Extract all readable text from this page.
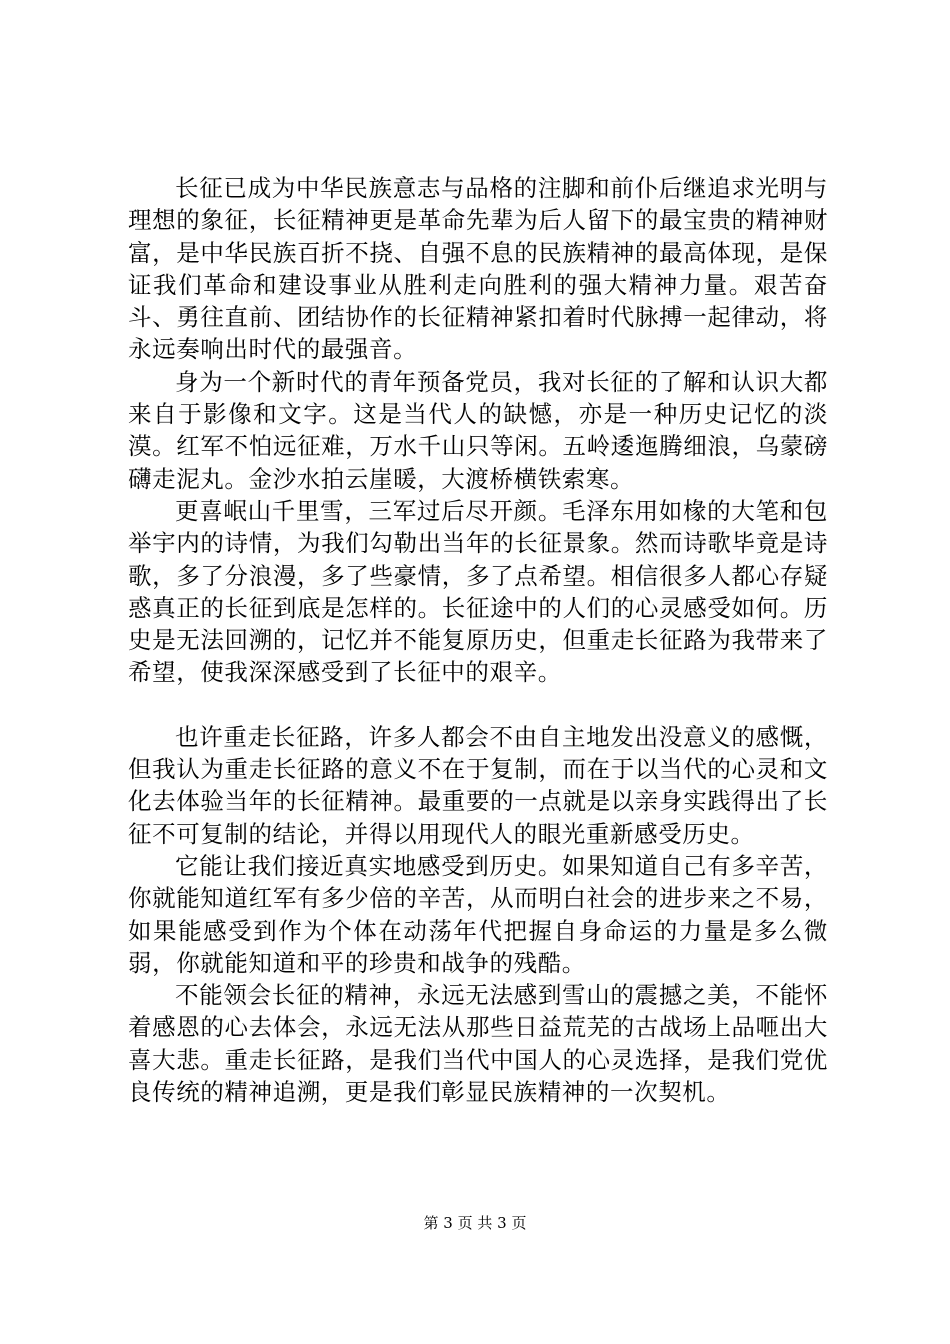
长征已成为中华民族意志与品格的注脚和前仆后继追求光明与理想的象征，长征精神更是革命先辈为后人留下的最宝贵的精神财富，是中华民族百折不挠、自强不息的民族精神的最高体现，是保证我们革命和建设事业从胜利走向胜利的强大精神力量。艰苦奋斗、勇往直前、团结协作的长征精神紧扣着时代脉搏一起律动，将永远奏响出时代的最强音。

身为一个新时代的青年预备党员，我对长征的了解和认识大都来自于影像和文字。这是当代人的缺憾，亦是一种历史记忆的淡漠。红军不怕远征难，万水千山只等闲。五岭逶迤腾细浪，乌蒙磅礴走泥丸。金沙水拍云崖暖，大渡桥横铁索寒。

更喜岷山千里雪，三军过后尽开颜。毛泽东用如椽的大笔和包举宇内的诗情，为我们勾勒出当年的长征景象。然而诗歌毕竟是诗歌，多了分浪漫，多了些豪情，多了点希望。相信很多人都心存疑惑真正的长征到底是怎样的。长征途中的人们的心灵感受如何。历史是无法回溯的，记忆并不能复原历史，但重走长征路为我带来了希望，使我深深感受到了长征中的艰辛。

也许重走长征路，许多人都会不由自主地发出没意义的感慨，但我认为重走长征路的意义不在于复制，而在于以当代的心灵和文化去体验当年的长征精神。最重要的一点就是以亲身实践得出了长征不可复制的结论，并得以用现代人的眼光重新感受历史。

它能让我们接近真实地感受到历史。如果知道自己有多辛苦，你就能知道红军有多少倍的辛苦，从而明白社会的进步来之不易，如果能感受到作为个体在动荡年代把握自身命运的力量是多么微弱，你就能知道和平的珍贵和战争的残酷。

不能领会长征的精神，永远无法感到雪山的震撼之美，不能怀着感恩的心去体会，永远无法从那些日益荒芜的古战场上品咂出大喜大悲。重走长征路，是我们当代中国人的心灵选择，是我们党优良传统的精神追溯，更是我们彰显民族精神的一次契机。

第 3 页 共 3 页
